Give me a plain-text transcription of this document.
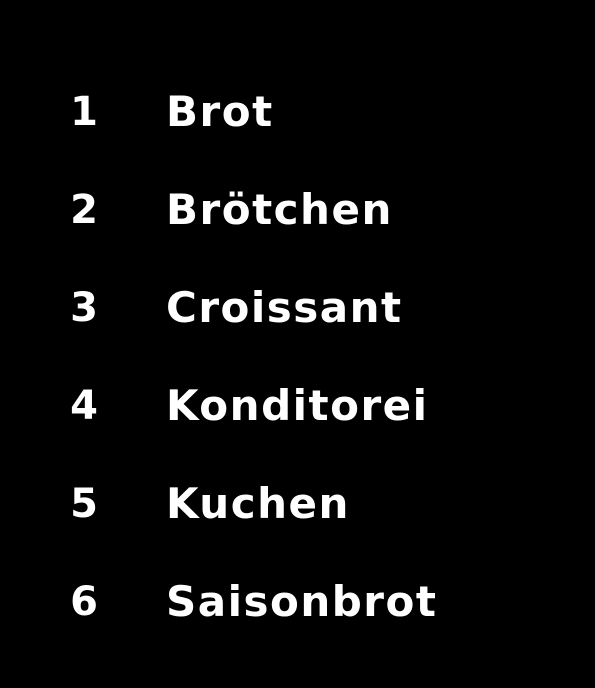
1	Brot
2	Brötchen
3	Croissant
4	Konditorei
5	Kuchen
6	Saisonbrot
